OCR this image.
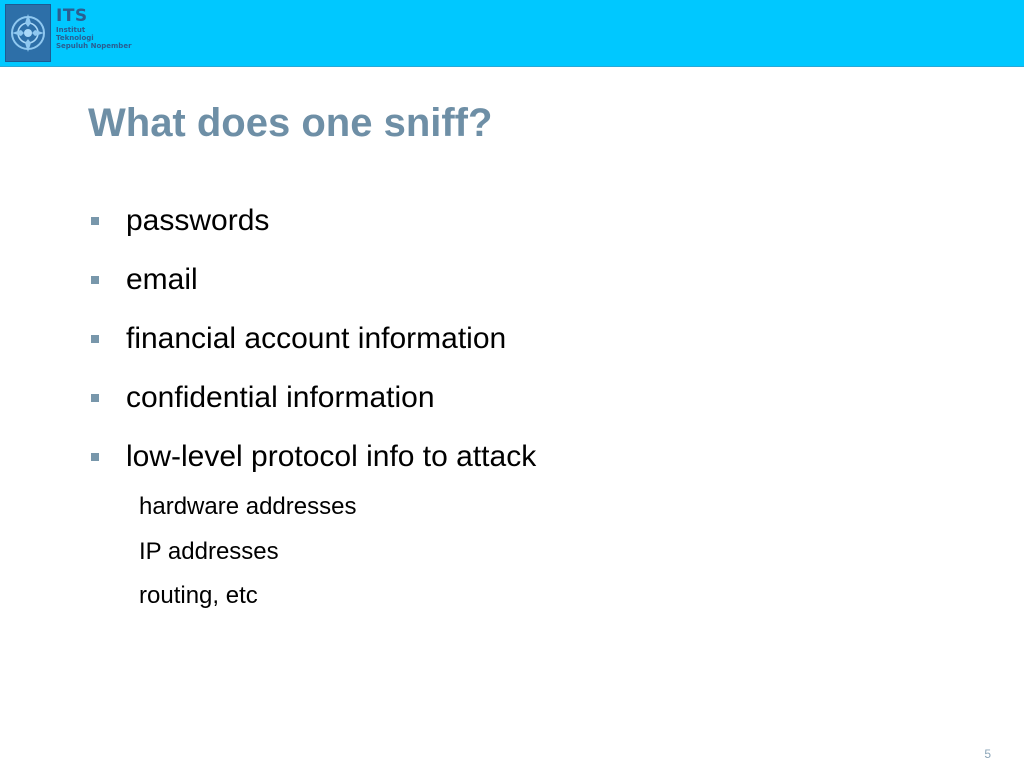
ITS
Institut
Teknologi
Sepuluh Nopember
What does one sniff?
passwords
email
financial account information
confidential information
low-level protocol info to attack
hardware addresses
IP addresses
routing, etc
5
